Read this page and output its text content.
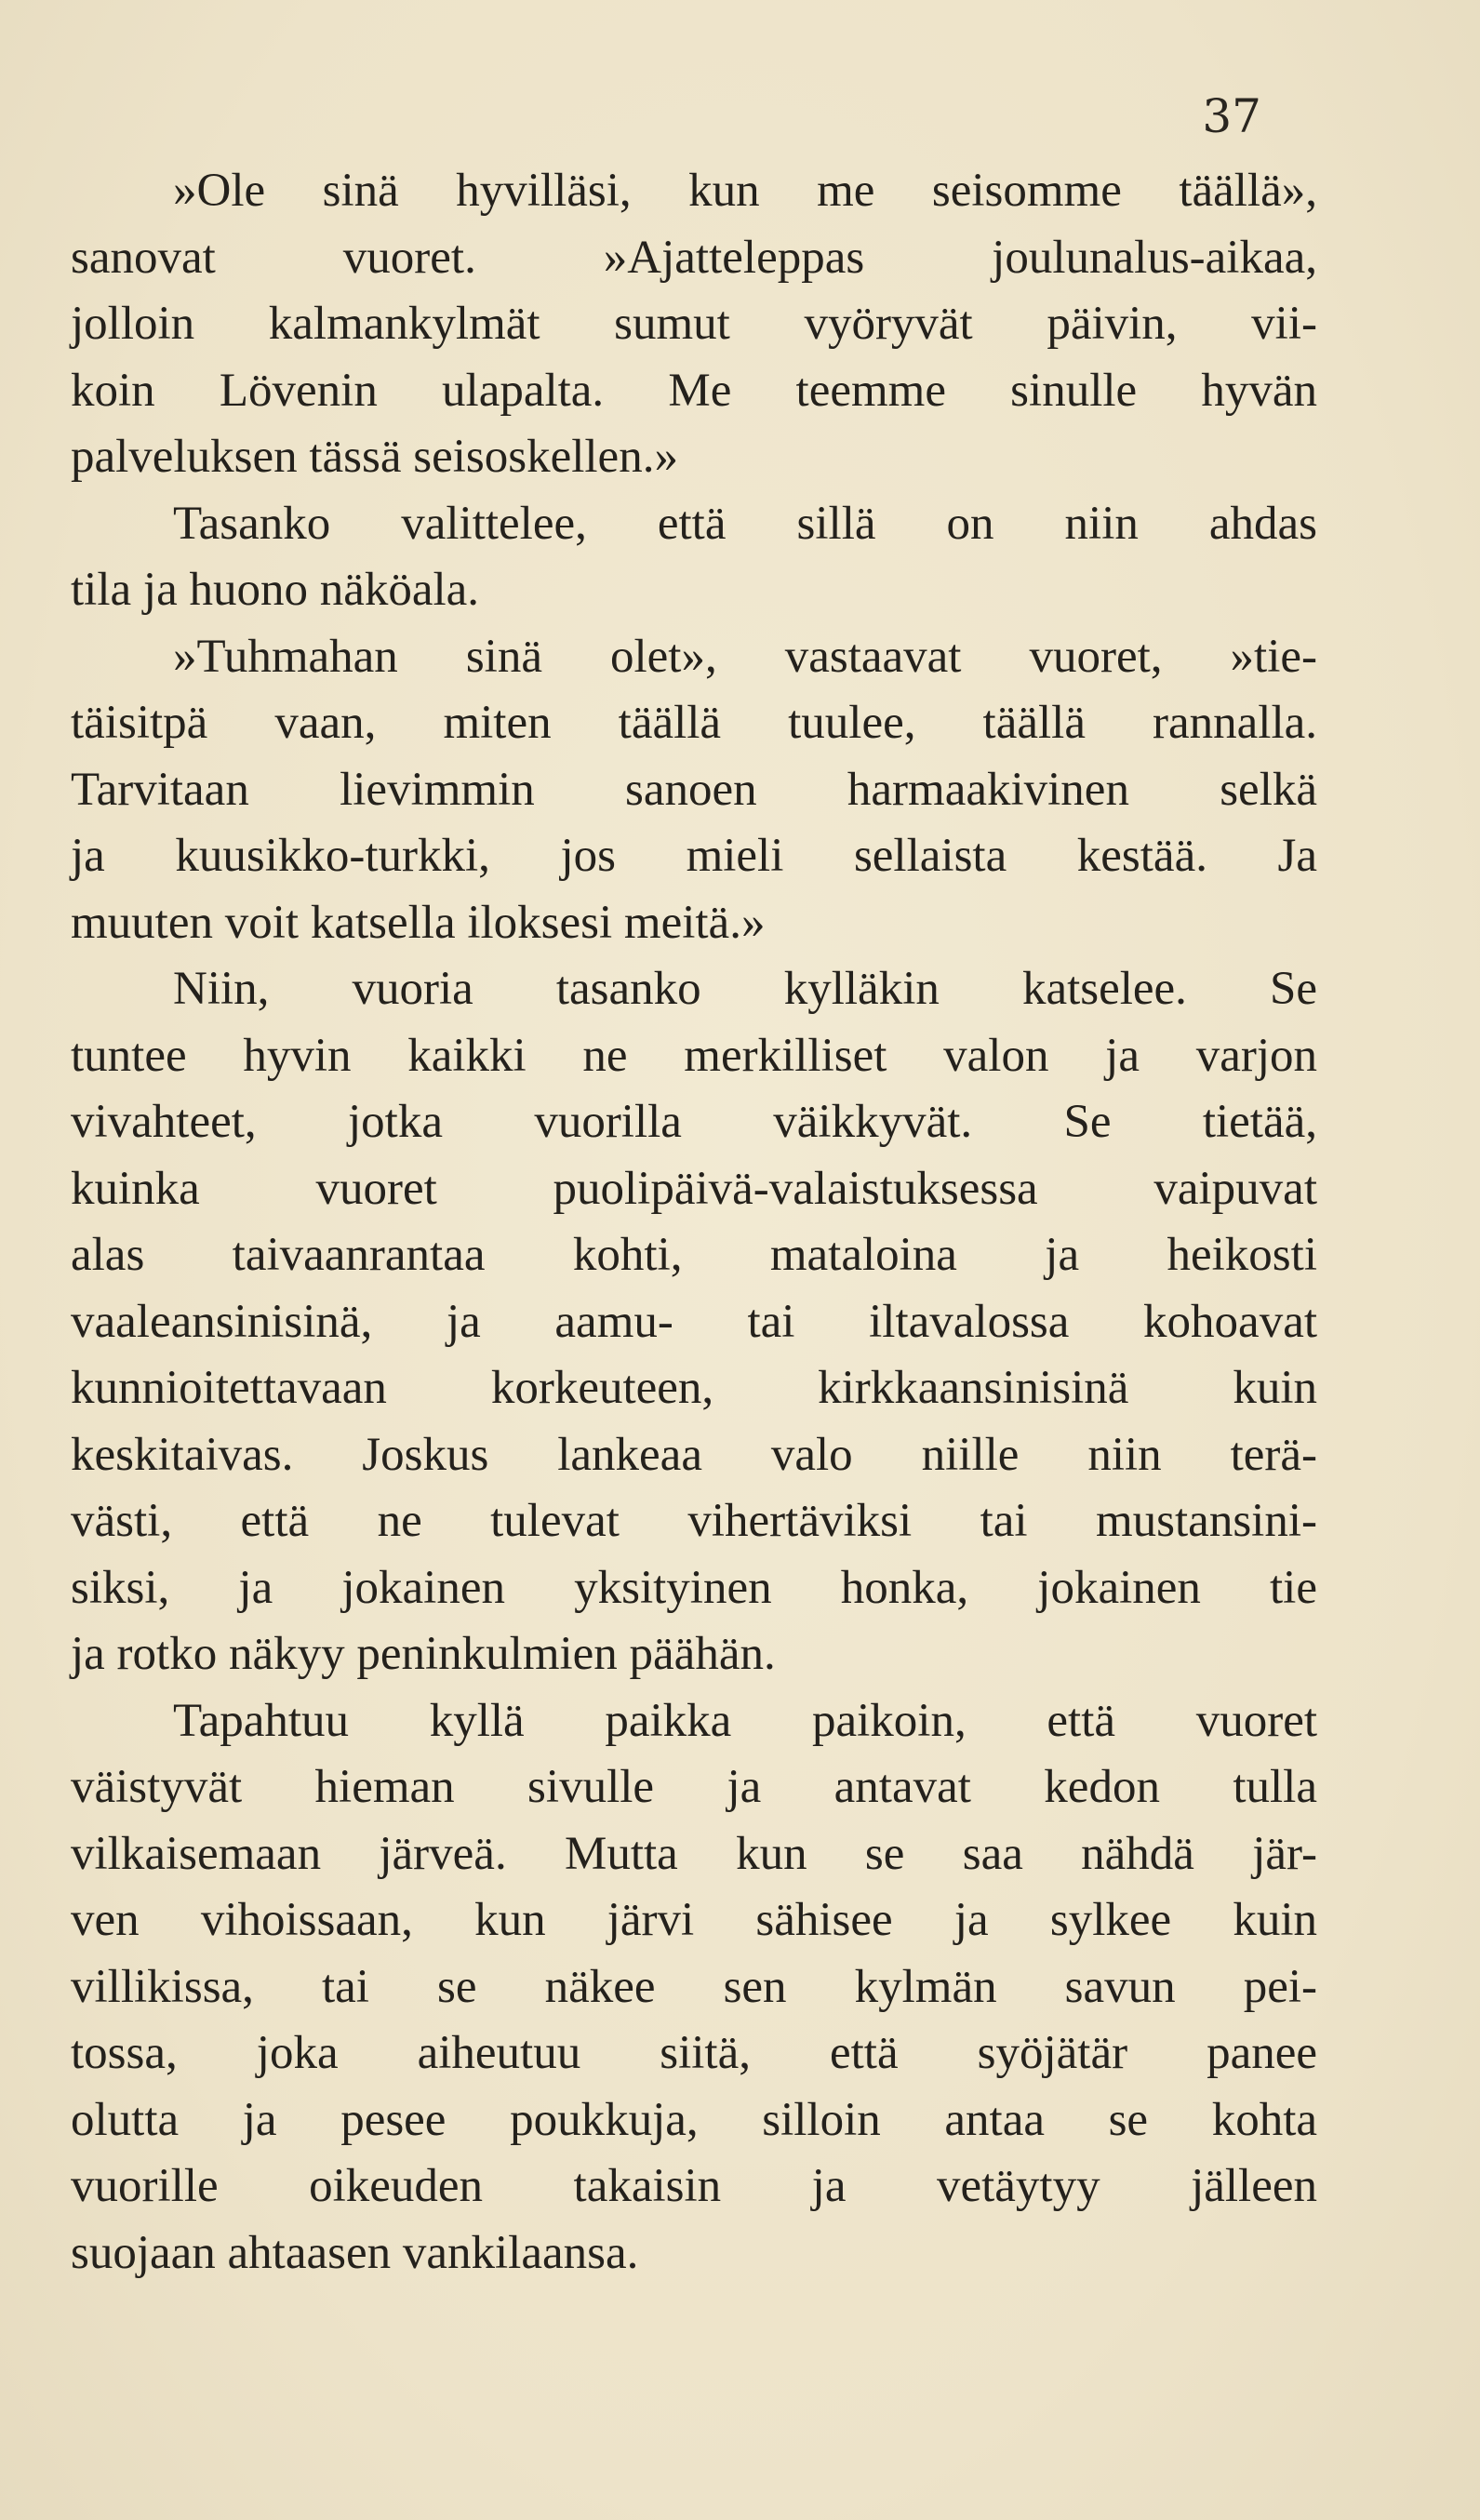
37
»Ole sinä hyvilläsi, kun me seisomme täällä»,
sanovat vuoret. »Ajatteleppas joulunalus-aikaa,
jolloin kalmankylmät sumut vyöryvät päivin, vii-
koin Lövenin ulapalta. Me teemme sinulle hyvän
palveluksen tässä seisoskellen.»
Tasanko valittelee, että sillä on niin ahdas
tila ja huono näköala.
»Tuhmahan sinä olet», vastaavat vuoret, »tie-
täisitpä vaan, miten täällä tuulee, täällä rannalla.
Tarvitaan lievimmin sanoen harmaakivinen selkä
ja kuusikko-turkki, jos mieli sellaista kestää. Ja
muuten voit katsella iloksesi meitä.»
Niin, vuoria tasanko kylläkin katselee. Se
tuntee hyvin kaikki ne merkilliset valon ja varjon
vivahteet, jotka vuorilla väikkyvät. Se tietää,
kuinka vuoret puolipäivä-valaistuksessa vaipuvat
alas taivaanrantaa kohti, mataloina ja heikosti
vaaleansinisinä, ja aamu- tai iltavalossa kohoavat
kunnioitettavaan korkeuteen, kirkkaansinisinä kuin
keskitaivas. Joskus lankeaa valo niille niin terä-
västi, että ne tulevat vihertäviksi tai mustansini-
siksi, ja jokainen yksityinen honka, jokainen tie
ja rotko näkyy peninkulmien päähän.
Tapahtuu kyllä paikka paikoin, että vuoret
väistyvät hieman sivulle ja antavat kedon tulla
vilkaisemaan järveä. Mutta kun se saa nähdä jär-
ven vihoissaan, kun järvi sähisee ja sylkee kuin
villikissa, tai se näkee sen kylmän savun pei-
tossa, joka aiheutuu siitä, että syöjätär panee
olutta ja pesee poukkuja, silloin antaa se kohta
vuorille oikeuden takaisin ja vetäytyy jälleen
suojaan ahtaasen vankilaansa.
